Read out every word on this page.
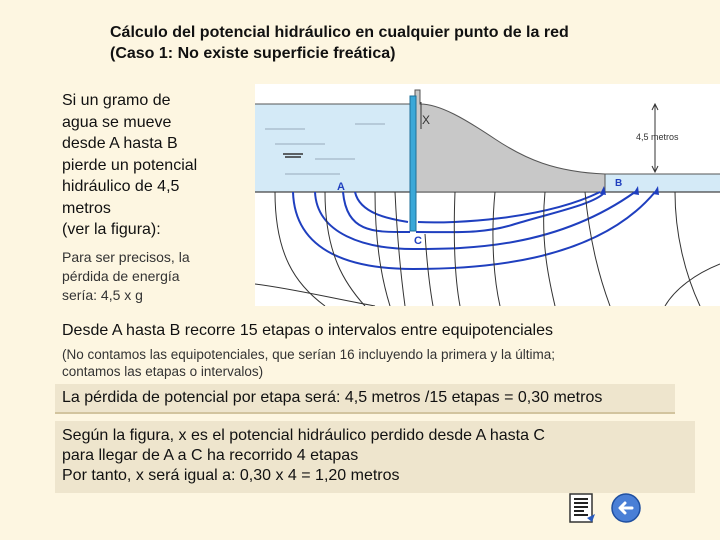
Cálculo del potencial hidráulico en cualquier punto de la red
(Caso 1: No existe superficie freática)
Si un gramo de
agua se mueve
desde A hasta B
pierde un potencial
hidráulico de 4,5
metros
(ver la figura):
Para ser precisos, la
pérdida de energía
sería: 4,5 x g
X
A	B
C
4,5 metros
Desde A hasta B recorre 15 etapas o intervalos entre equipotenciales
(No contamos las equipotenciales, que serían 16 incluyendo la primera y la última;
contamos las etapas o intervalos)
La pérdida de potencial por etapa será: 4,5 metros /15 etapas = 0,30 metros
Según la figura, x es el potencial hidráulico perdido desde A hasta C
para llegar de A a C ha recorrido 4 etapas
Por tanto, x será igual a: 0,30 x 4 = 1,20 metros
